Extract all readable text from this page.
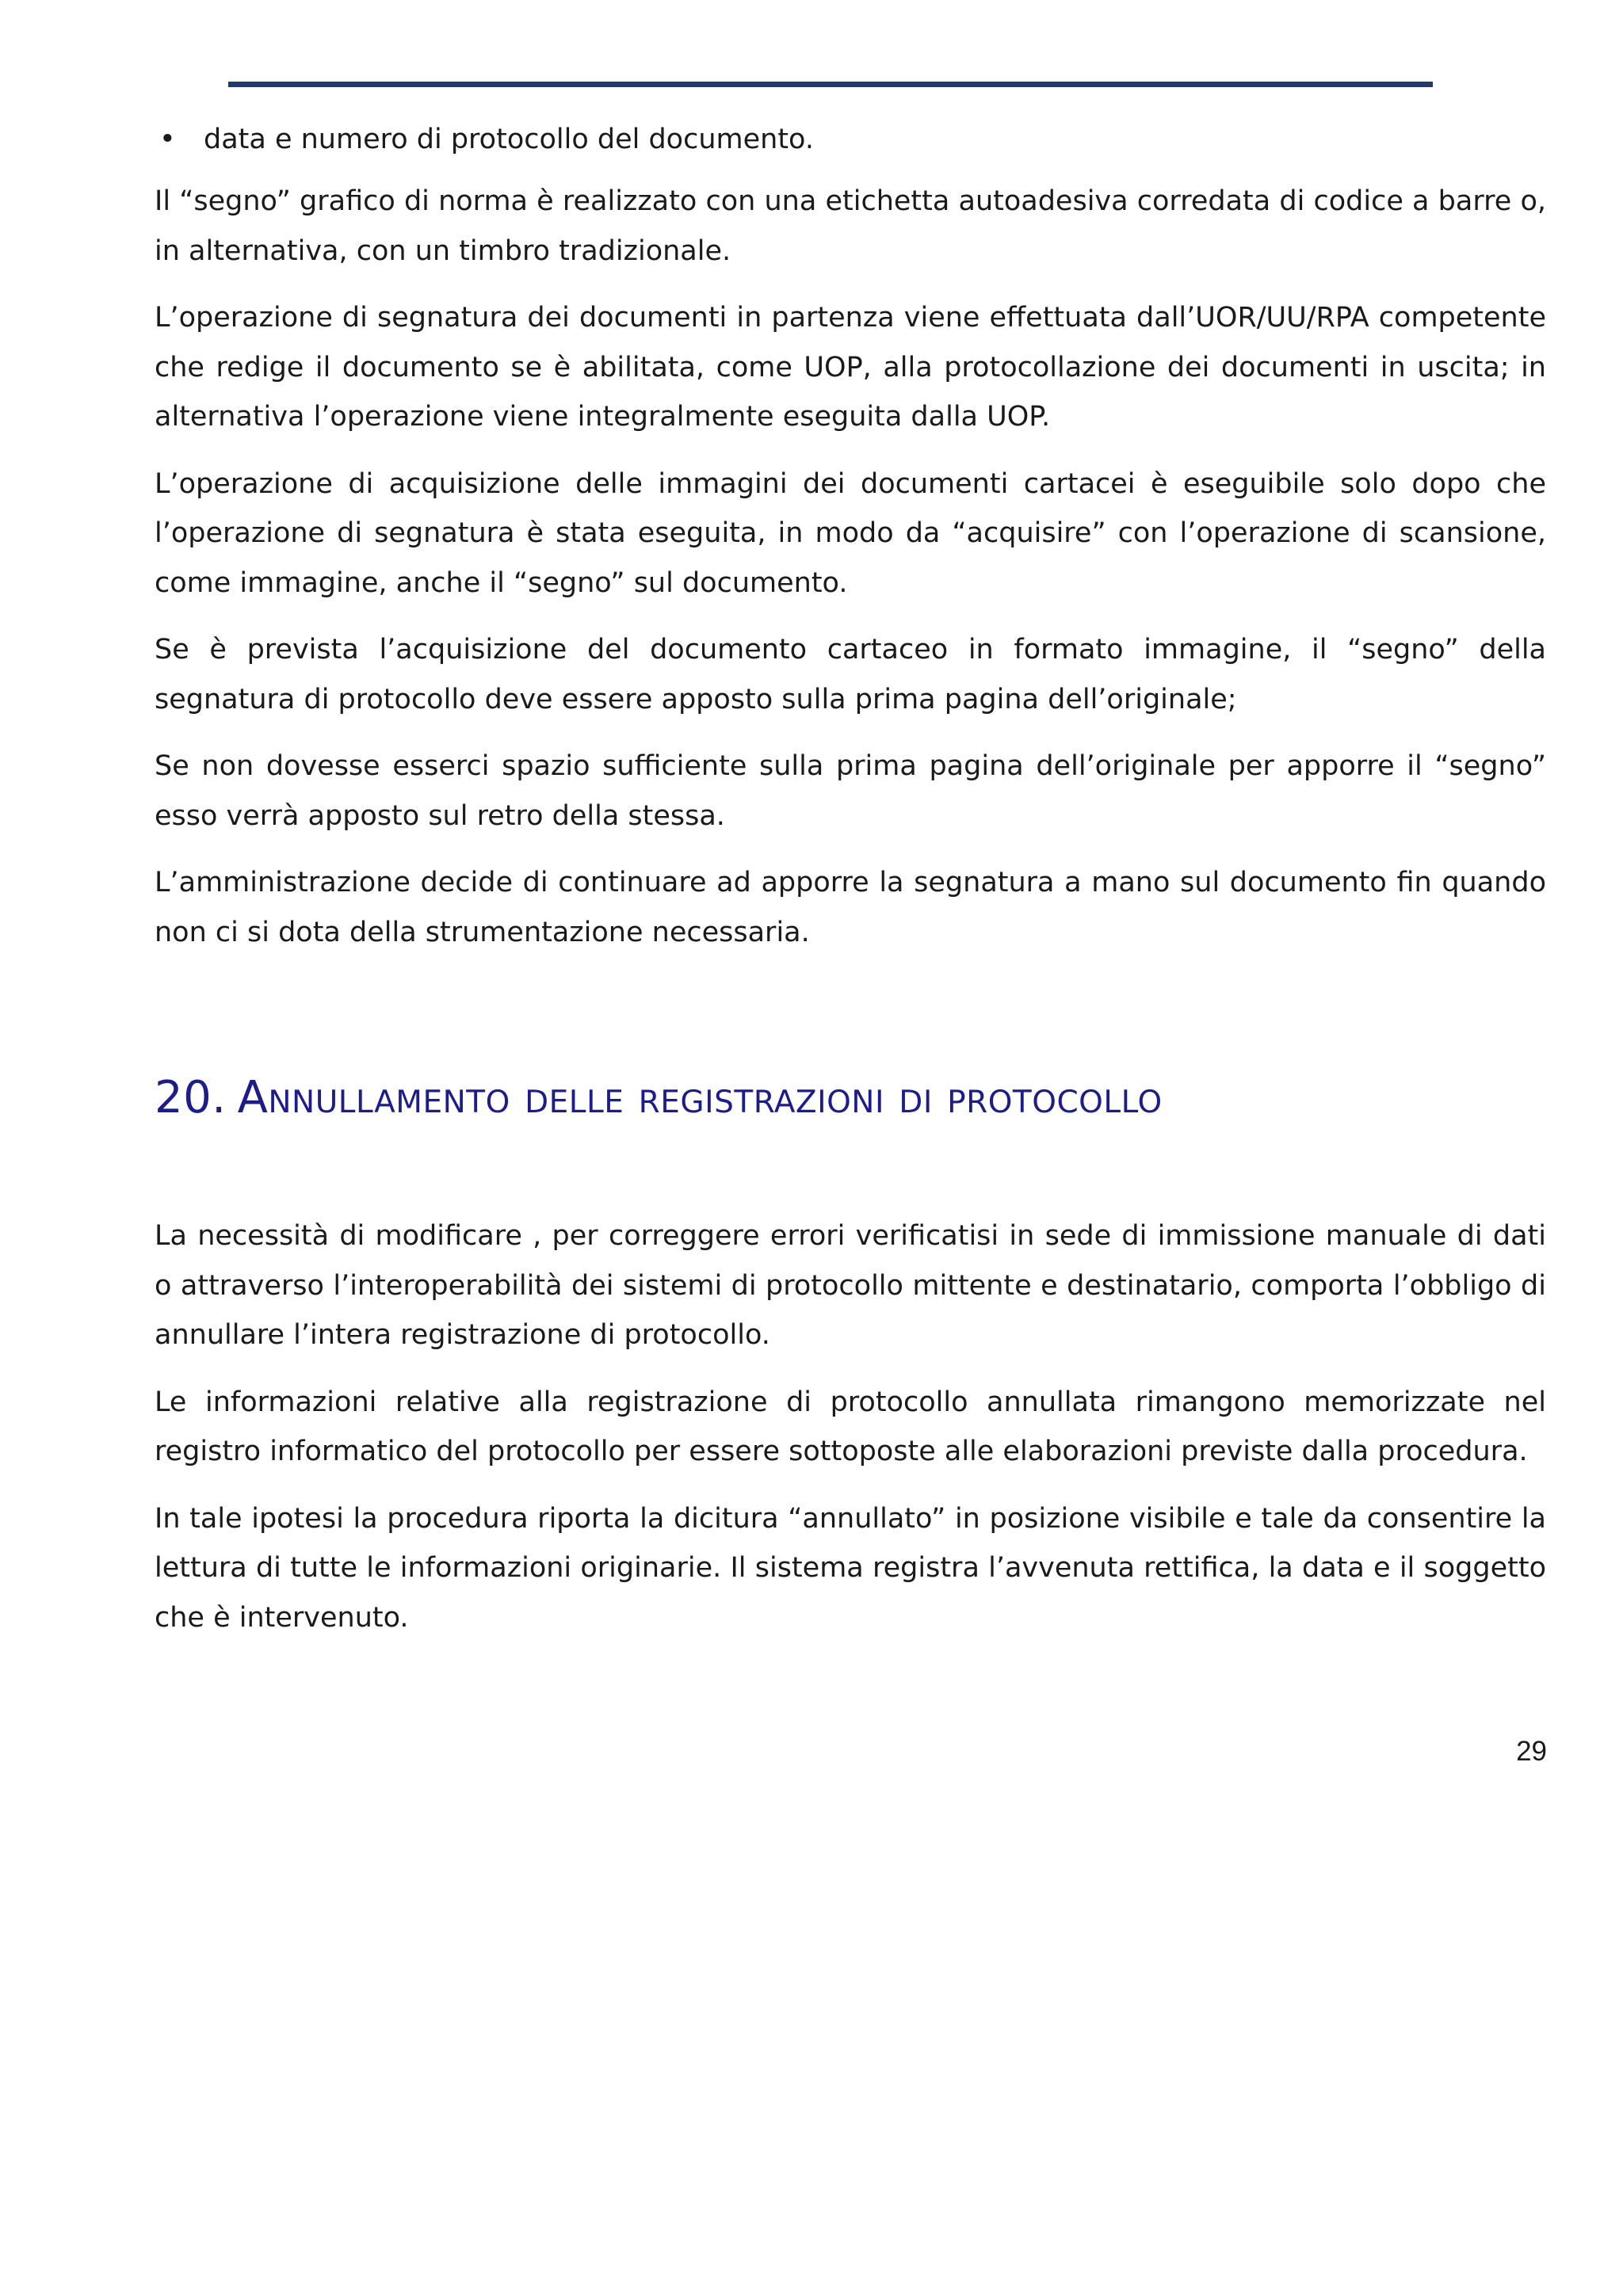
• data e numero di protocollo del documento.

Il “segno” grafico di norma è realizzato con una etichetta autoadesiva corredata di codice a barre o, in alternativa, con un timbro tradizionale.

L’operazione di segnatura dei documenti in partenza viene effettuata dall’UOR/UU/RPA competente che redige il documento se è abilitata, come UOP, alla protocollazione dei documenti in uscita; in alternativa l’operazione viene integralmente eseguita dalla UOP.

L’operazione di acquisizione delle immagini dei documenti cartacei è eseguibile solo dopo che l’operazione di segnatura è stata eseguita, in modo da “acquisire” con l’operazione di scansione, come immagine, anche il “segno” sul documento.

Se è prevista l’acquisizione del documento cartaceo in formato immagine, il “segno” della segnatura di protocollo deve essere apposto sulla prima pagina dell’originale;

Se non dovesse esserci spazio sufficiente sulla prima pagina dell’originale per apporre il “segno” esso verrà apposto sul retro della stessa.

L’amministrazione decide di continuare ad apporre la segnatura a mano sul documento fin quando non ci si dota della strumentazione necessaria.

20. Annullamento delle registrazioni di protocollo

La necessità di modificare , per correggere errori verificatisi in sede di immissione manuale di dati o attraverso l’interoperabilità dei sistemi di protocollo mittente e destinatario, comporta l’obbligo di annullare l’intera registrazione di protocollo.

Le informazioni relative alla registrazione di protocollo annullata rimangono memorizzate nel registro informatico del protocollo per essere sottoposte alle elaborazioni previste dalla procedura.

In tale ipotesi la procedura riporta la dicitura “annullato” in posizione visibile e tale da consentire la lettura di tutte le informazioni originarie. Il sistema registra l’avvenuta rettifica, la data e il soggetto che è intervenuto.

29
